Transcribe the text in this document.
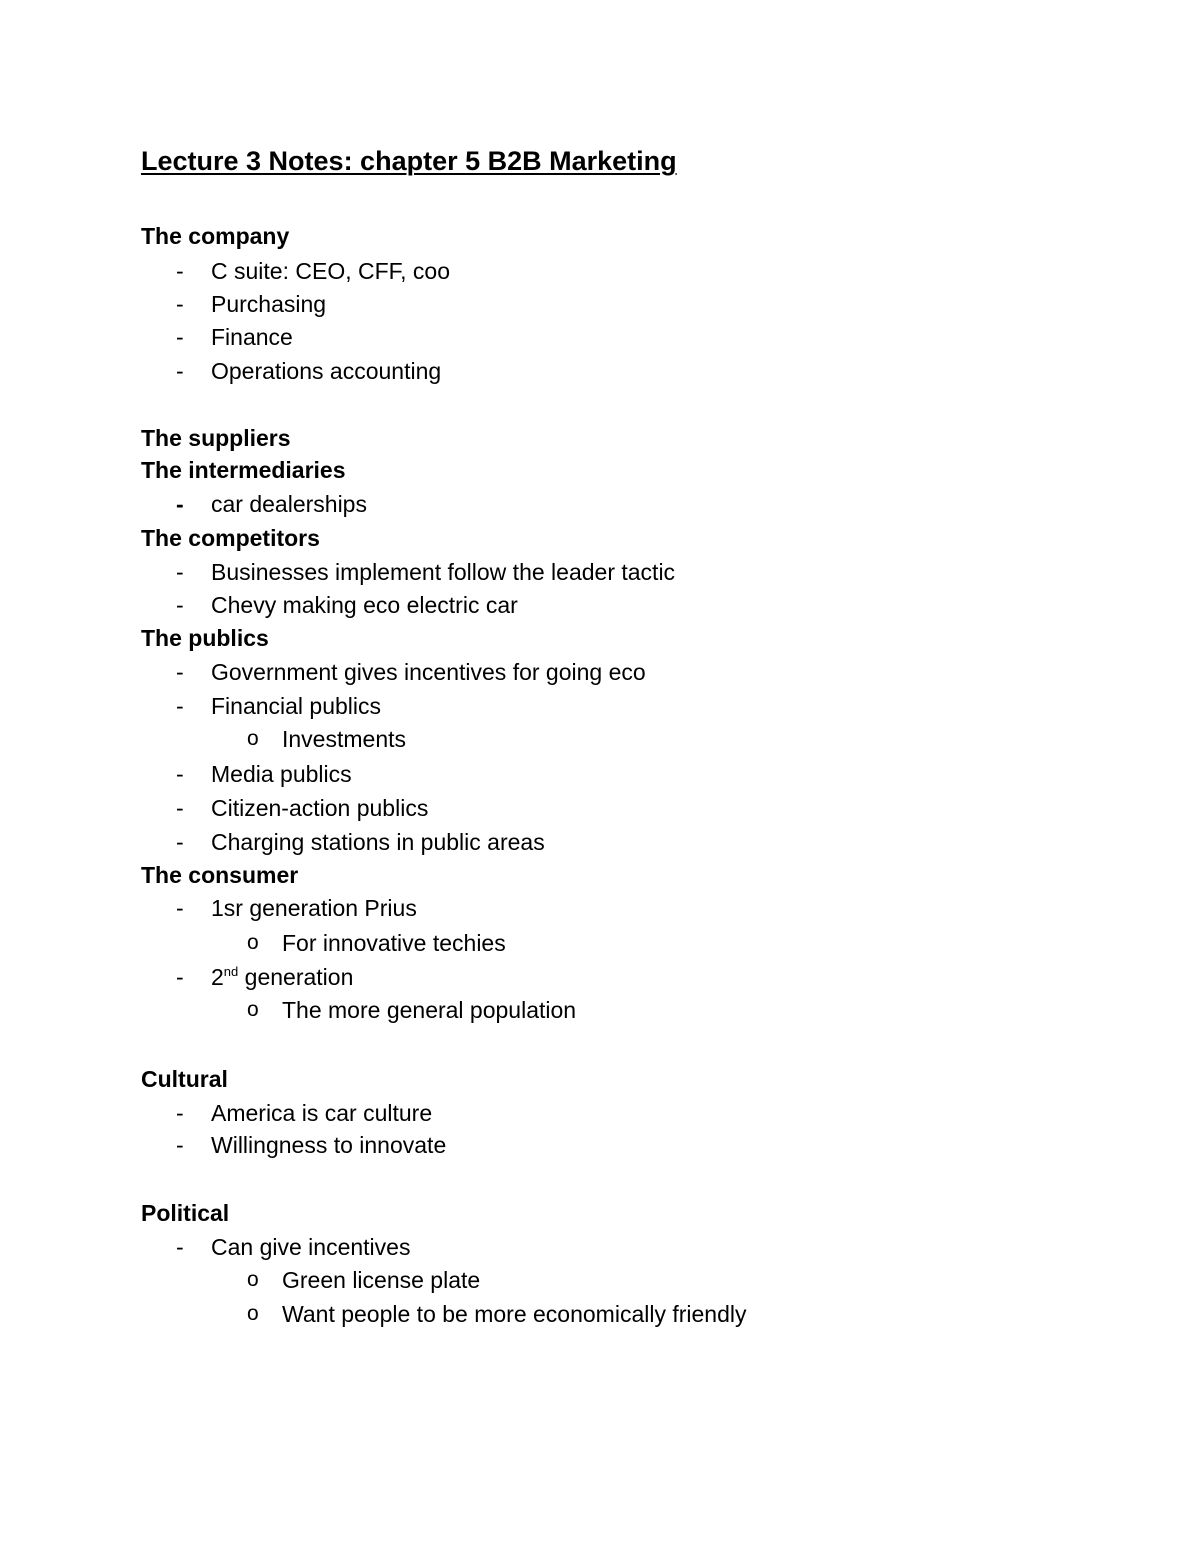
Lecture 3 Notes: chapter 5 B2B Marketing
The company
- C suite: CEO, CFF, coo
- Purchasing
- Finance
- Operations accounting
The suppliers
The intermediaries
- car dealerships
The competitors
- Businesses implement follow the leader tactic
- Chevy making eco electric car
The publics
- Government gives incentives for going eco
- Financial publics
o Investments
- Media publics
- Citizen-action publics
- Charging stations in public areas
The consumer
- 1sr generation Prius
o For innovative techies
- 2nd generation
o The more general population
Cultural
- America is car culture
- Willingness to innovate
Political
- Can give incentives
o Green license plate
o Want people to be more economically friendly
